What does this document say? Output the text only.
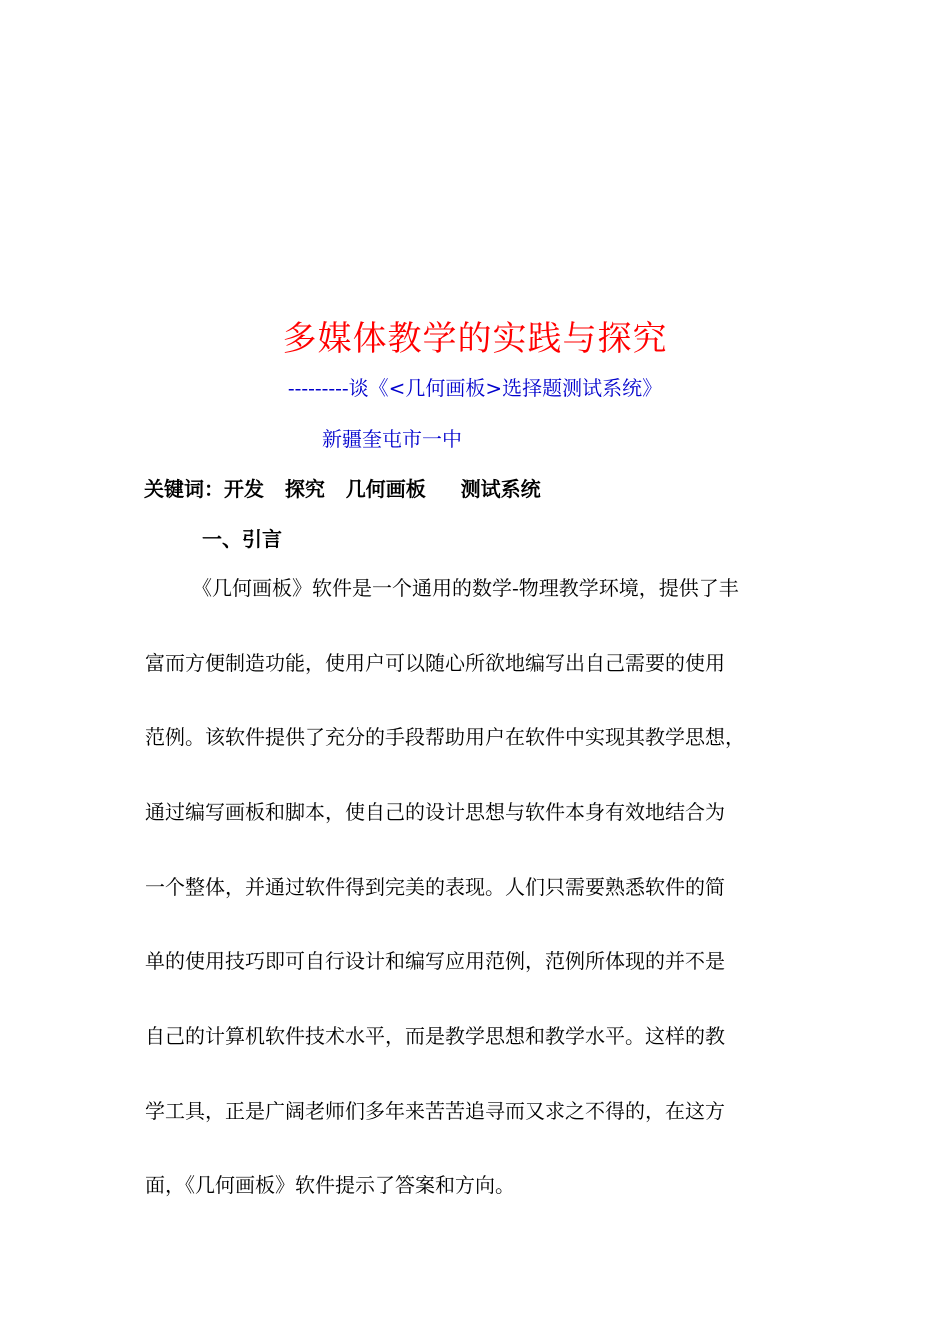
多媒体教学的实践与探究
---------谈《<几何画板>选择题测试系统》
新疆奎屯市一中
关键词：开发   探究   几何画板     测试系统
一、引言
《几何画板》软件是一个通用的数学-物理教学环境，提供了丰
富而方便制造功能，使用户可以随心所欲地编写出自己需要的使用
范例。该软件提供了充分的手段帮助用户在软件中实现其教学思想，
通过编写画板和脚本，使自己的设计思想与软件本身有效地结合为
一个整体，并通过软件得到完美的表现。人们只需要熟悉软件的简
单的使用技巧即可自行设计和编写应用范例，范例所体现的并不是
自己的计算机软件技术水平，而是教学思想和教学水平。这样的教
学工具，正是广阔老师们多年来苦苦追寻而又求之不得的，在这方
面，《几何画板》软件提示了答案和方向。
